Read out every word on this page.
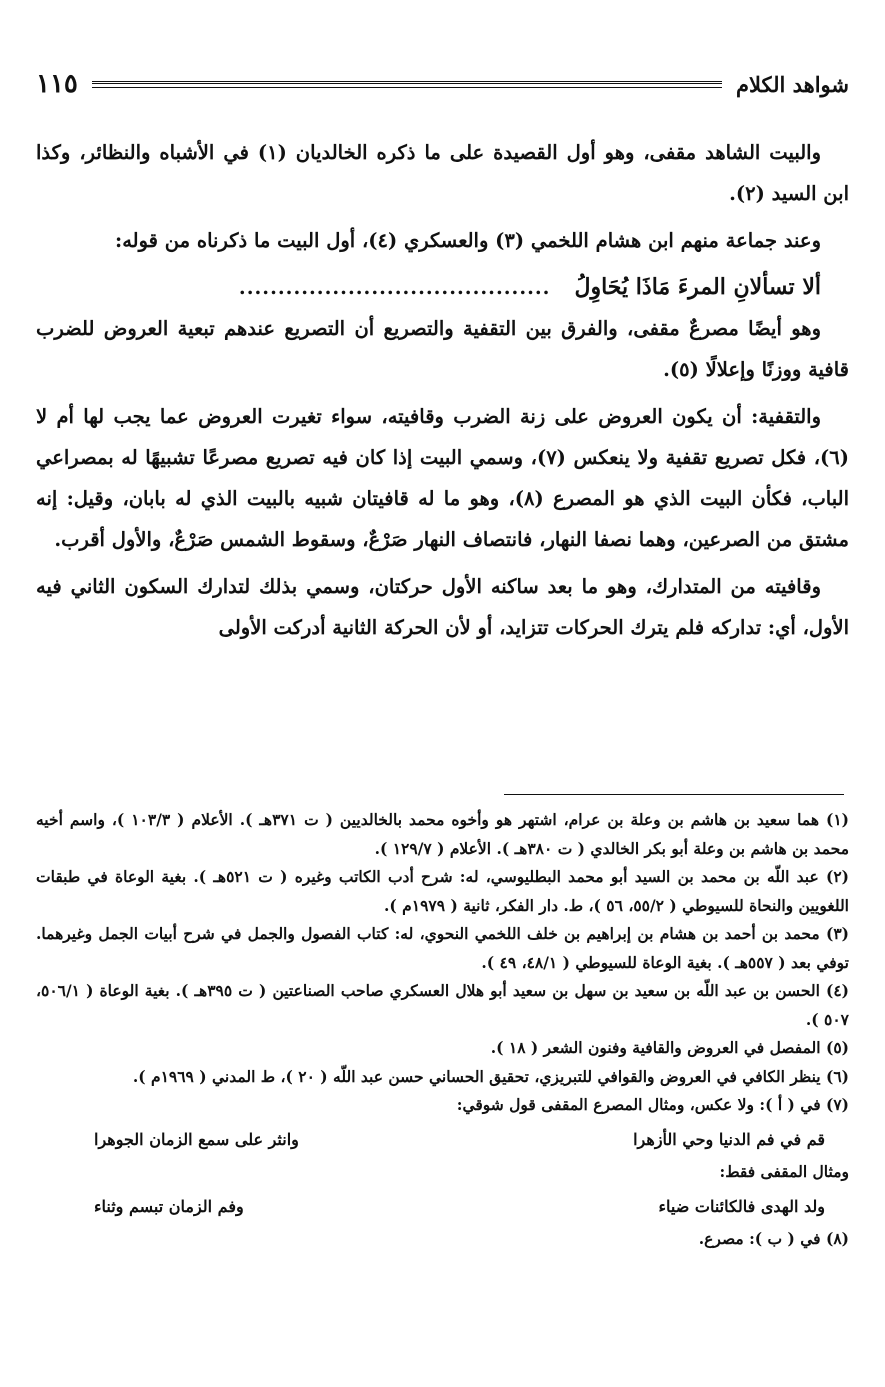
شواهد الكلام
١١٥

والبيت الشاهد مقفى، وهو أول القصيدة على ما ذكره الخالديان (١) في الأشباه والنظائر، وكذا ابن السيد (٢).

وعند جماعة منهم ابن هشام اللخمي (٣) والعسكري (٤)، أول البيت ما ذكرناه من قوله:

ألا تسألانِ المرءَ مَاذَا يُحَاوِلُ
........................................

وهو أيضًا مصرعٌ مقفى، والفرق بين التقفية والتصريع أن التصريع عندهم تبعية العروض للضرب قافية ووزنًا وإعلالًا (٥).

والتقفية: أن يكون العروض على زنة الضرب وقافيته، سواء تغيرت العروض عما يجب لها أم لا (٦)، فكل تصريع تقفية ولا ينعكس (٧)، وسمي البيت إذا كان فيه تصريع مصرعًا تشبيهًا له بمصراعي الباب، فكأن البيت الذي هو المصرع (٨)، وهو ما له قافيتان شبيه بالبيت الذي له بابان، وقيل: إنه مشتق من الصرعين، وهما نصفا النهار، فانتصاف النهار صَرْعٌ، وسقوط الشمس صَرْعٌ، والأول أقرب.

وقافيته من المتدارك، وهو ما بعد ساكنه الأول حركتان، وسمي بذلك لتدارك السكون الثاني فيه الأول، أي: تداركه فلم يترك الحركات تتزايد، أو لأن الحركة الثانية أدركت الأولى

(١) هما سعيد بن هاشم بن وعلة بن عرام، اشتهر هو وأخوه محمد بالخالديين ( ت ٣٧١هـ ). الأعلام ( ١٠٣/٣ )، واسم أخيه محمد بن هاشم بن وعلة أبو بكر الخالدي ( ت ٣٨٠هـ ). الأعلام ( ١٢٩/٧ ).

(٢) عبد اللّه بن محمد بن السيد أبو محمد البطليوسي، له: شرح أدب الكاتب وغيره ( ت ٥٢١هـ ). بغية الوعاة في طبقات اللغويين والنحاة للسيوطي ( ٥٥/٢، ٥٦ )، ط. دار الفكر، ثانية ( ١٩٧٩م ).

(٣) محمد بن أحمد بن هشام بن إبراهيم بن خلف اللخمي النحوي، له: كتاب الفصول والجمل في شرح أبيات الجمل وغيرهما. توفي بعد ( ٥٥٧هـ ). بغية الوعاة للسيوطي ( ٤٨/١، ٤٩ ).

(٤) الحسن بن عبد اللّه بن سعيد بن سهل بن سعيد أبو هلال العسكري صاحب الصناعتين ( ت ٣٩٥هـ ). بغية الوعاة ( ٥٠٦/١، ٥٠٧ ).

(٥) المفصل في العروض والقافية وفنون الشعر ( ١٨ ).

(٦) ينظر الكافي في العروض والقوافي للتبريزي، تحقيق الحساني حسن عبد اللّه ( ٢٠ )، ط المدني ( ١٩٦٩م ).

(٧) في ( أ ): ولا عكس، ومثال المصرع المقفى قول شوقي:

قم في فم الدنيا وحي الأزهرا
وانثر على سمع الزمان الجوهرا

ومثال المقفى فقط:

ولد الهدى فالكائنات ضياء
وفم الزمان تبسم وثناء

(٨) في ( ب ): مصرع.
